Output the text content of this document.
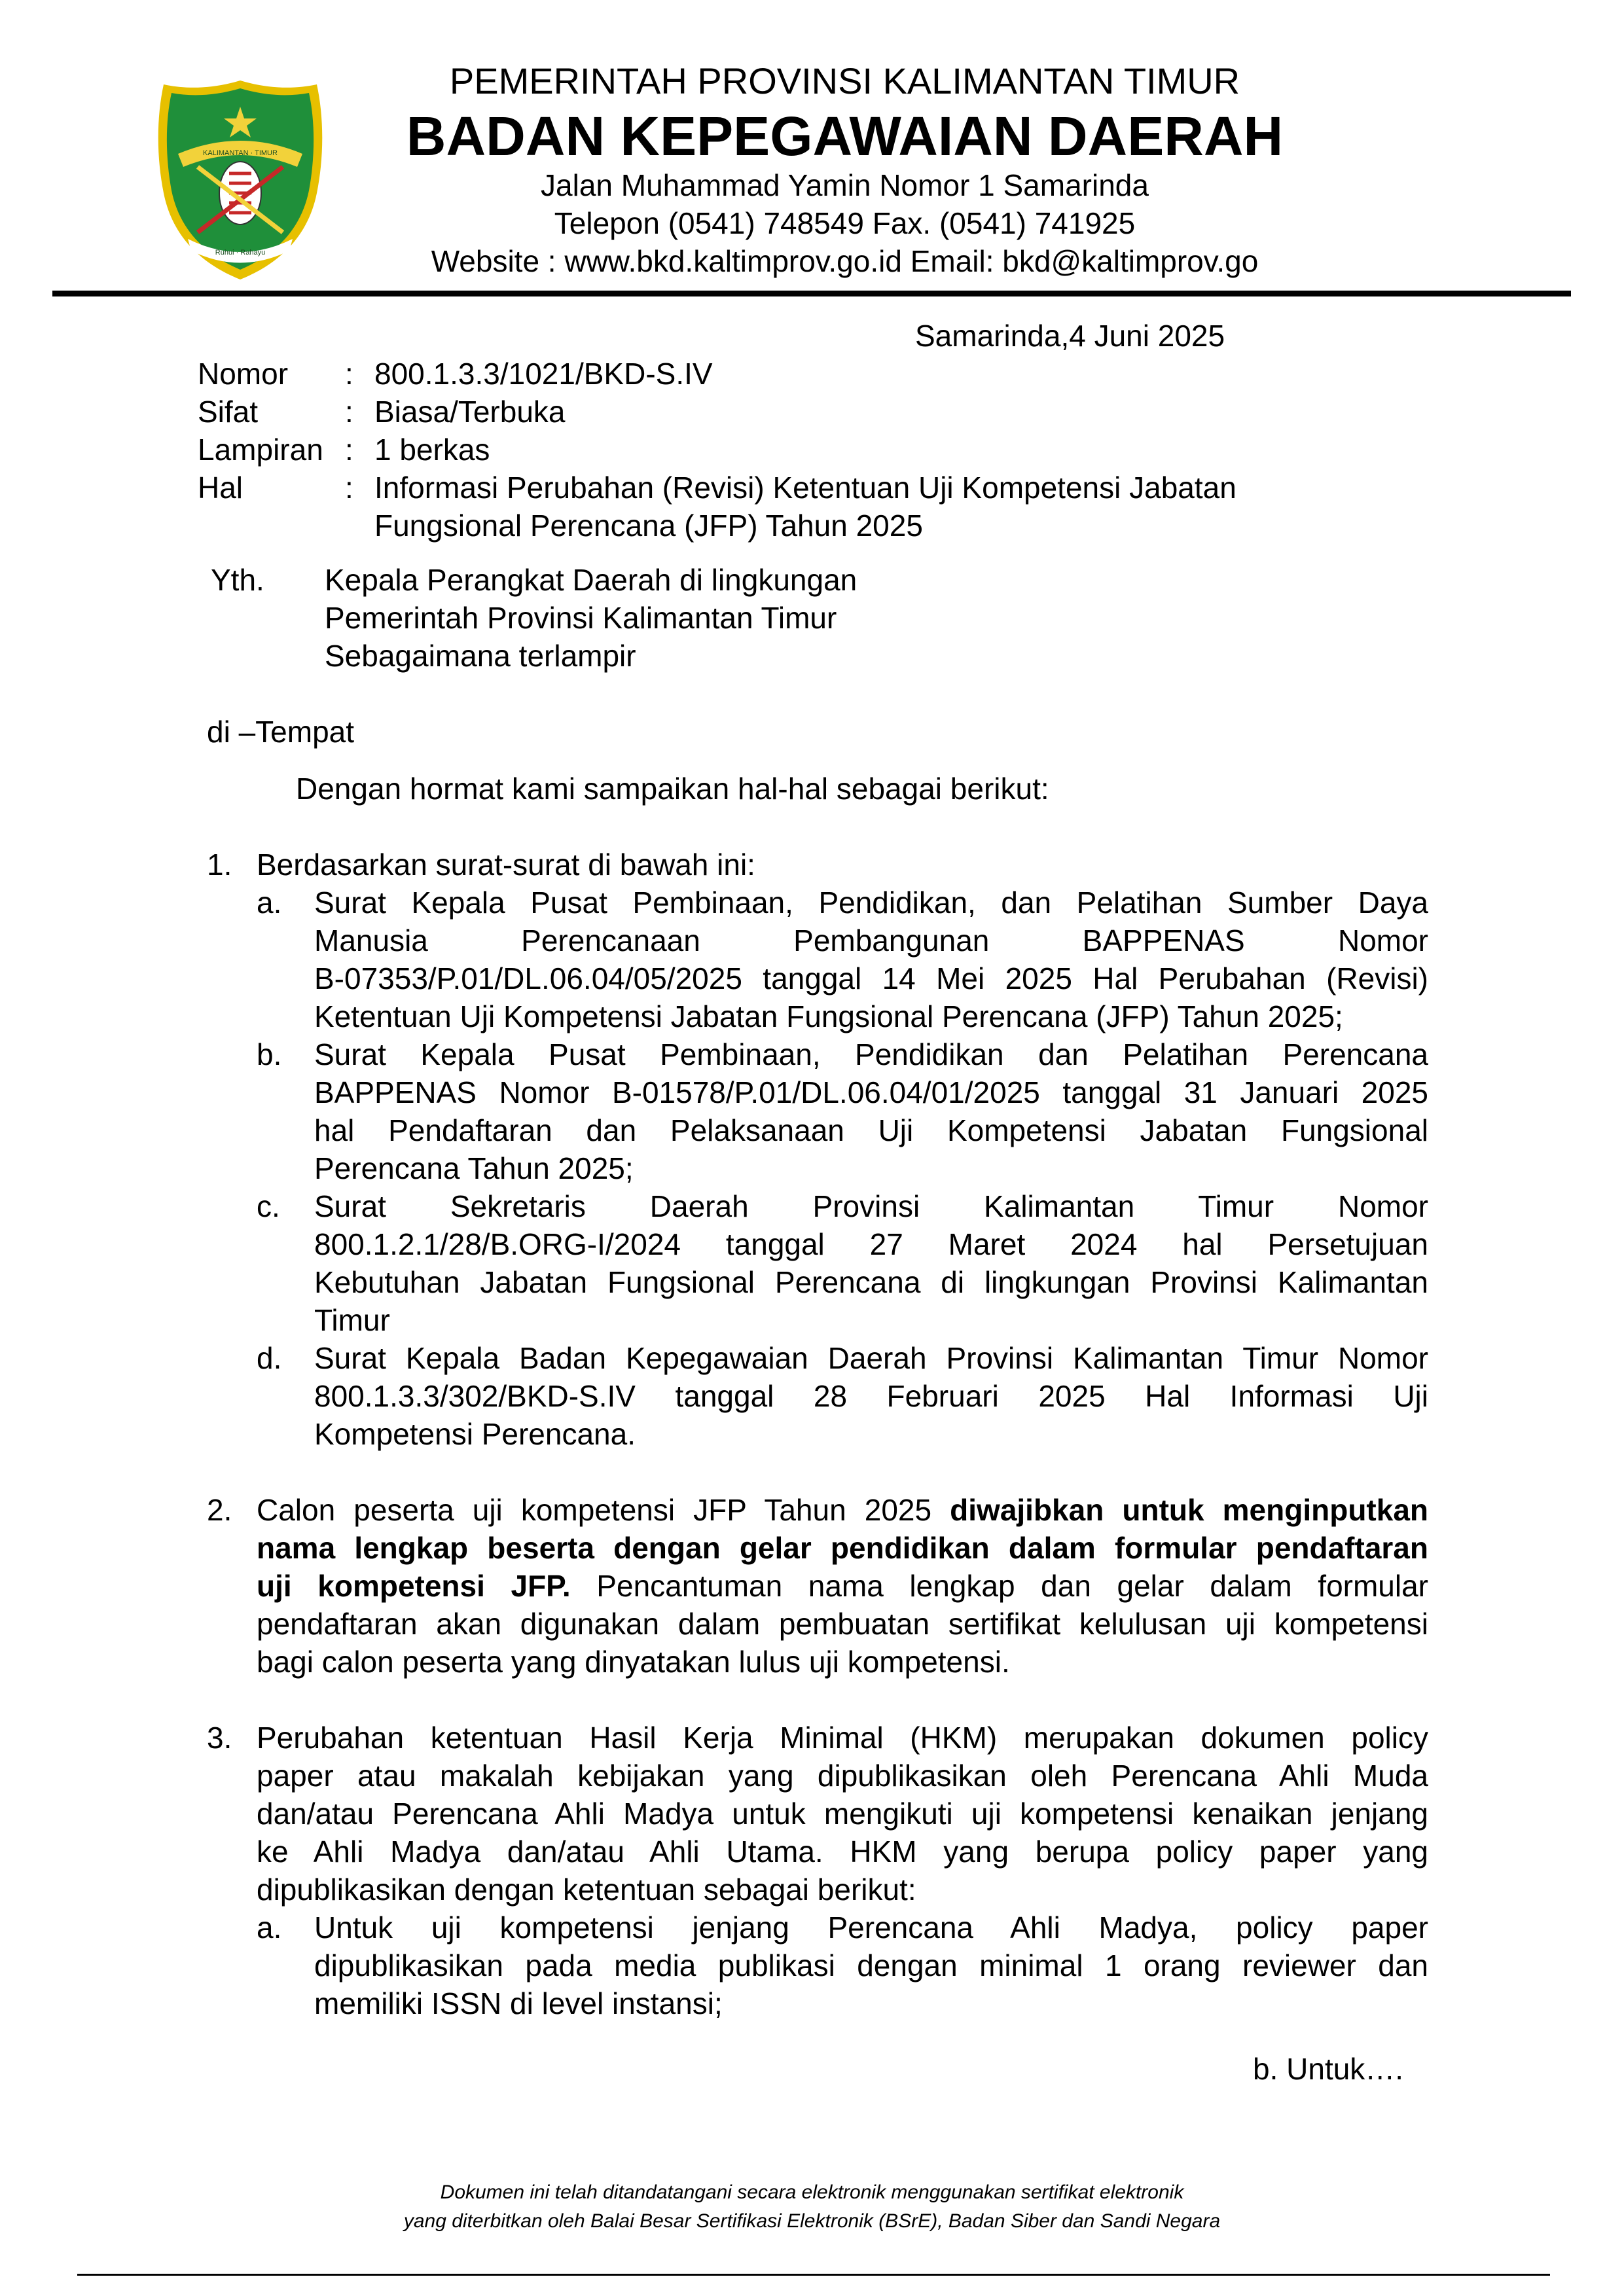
KALIMANTAN · TIMUR
Ruhui · Rahayu
PEMERINTAH PROVINSI KALIMANTAN TIMUR
BADAN KEPEGAWAIAN DAERAH
Jalan Muhammad Yamin Nomor 1 Samarinda
Telepon (0541) 748549 Fax. (0541) 741925
Website : www.bkd.kaltimprov.go.id Email: bkd@kaltimprov.go
Samarinda,4 Juni 2025
Nomor : 800.1.3.3/1021/BKD-S.IV
Sifat	: Biasa/Terbuka
Lampiran : 1 berkas
Hal	: Informasi Perubahan (Revisi) Ketentuan Uji Kompetensi Jabatan
Fungsional Perencana (JFP) Tahun 2025
Yth. Kepala Perangkat Daerah di lingkungan
Pemerintah Provinsi Kalimantan Timur
Sebagaimana terlampir
di –Tempat
Dengan hormat kami sampaikan hal-hal sebagai berikut:
1. Berdasarkan surat-surat di bawah ini:
a. Surat Kepala Pusat Pembinaan, Pendidikan, dan Pelatihan Sumber Daya
Manusia Perencanaan Pembangunan BAPPENAS Nomor
B-07353/P.01/DL.06.04/05/2025 tanggal 14 Mei 2025 Hal Perubahan (Revisi)
Ketentuan Uji Kompetensi Jabatan Fungsional Perencana (JFP) Tahun 2025;
b. Surat Kepala Pusat Pembinaan, Pendidikan dan Pelatihan Perencana
BAPPENAS Nomor B-01578/P.01/DL.06.04/01/2025 tanggal 31 Januari 2025
hal Pendaftaran dan Pelaksanaan Uji Kompetensi Jabatan Fungsional
Perencana Tahun 2025;
c. Surat Sekretaris Daerah Provinsi Kalimantan Timur Nomor
800.1.2.1/28/B.ORG-I/2024 tanggal 27 Maret 2024 hal Persetujuan
Kebutuhan Jabatan Fungsional Perencana di lingkungan Provinsi Kalimantan
Timur
d. Surat Kepala Badan Kepegawaian Daerah Provinsi Kalimantan Timur Nomor
800.1.3.3/302/BKD-S.IV tanggal 28 Februari 2025 Hal Informasi Uji
Kompetensi Perencana.
2. Calon peserta uji kompetensi JFP Tahun 2025 diwajibkan untuk menginputkan
nama lengkap beserta dengan gelar pendidikan dalam formular pendaftaran
uji kompetensi JFP. Pencantuman nama lengkap dan gelar dalam formular
pendaftaran akan digunakan dalam pembuatan sertifikat kelulusan uji kompetensi
bagi calon peserta yang dinyatakan lulus uji kompetensi.
3. Perubahan ketentuan Hasil Kerja Minimal (HKM) merupakan dokumen policy
paper atau makalah kebijakan yang dipublikasikan oleh Perencana Ahli Muda
dan/atau Perencana Ahli Madya untuk mengikuti uji kompetensi kenaikan jenjang
ke Ahli Madya dan/atau Ahli Utama. HKM yang berupa policy paper yang
dipublikasikan dengan ketentuan sebagai berikut:
a. Untuk uji kompetensi jenjang Perencana Ahli Madya, policy paper
dipublikasikan pada media publikasi dengan minimal 1 orang reviewer dan
memiliki ISSN di level instansi;
b. Untuk….
Dokumen ini telah ditandatangani secara elektronik menggunakan sertifikat elektronik
yang diterbitkan oleh Balai Besar Sertifikasi Elektronik (BSrE), Badan Siber dan Sandi Negara
